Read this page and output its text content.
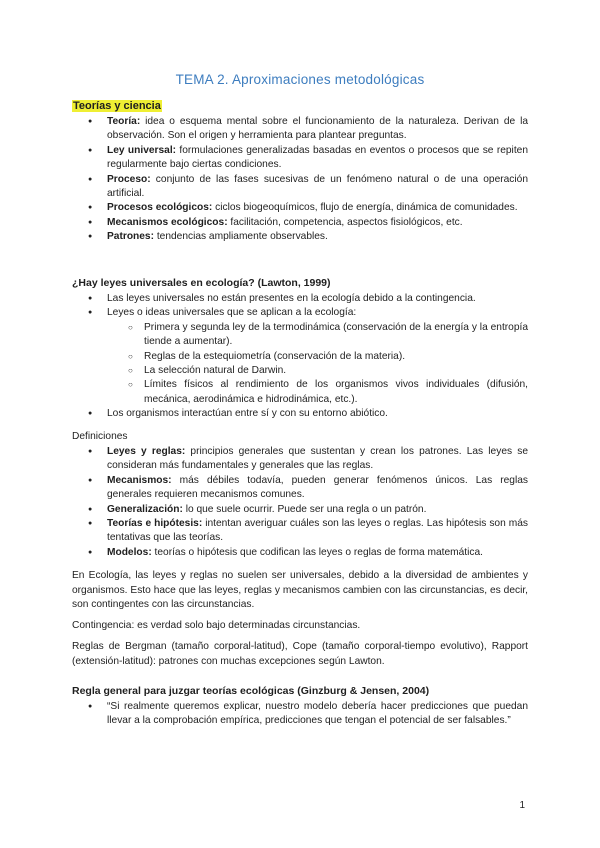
TEMA 2. Aproximaciones metodológicas
Teorías y ciencia
● Teoría: idea o esquema mental sobre el funcionamiento de la naturaleza. Derivan de la observación. Son el origen y herramienta para plantear preguntas.
● Ley universal: formulaciones generalizadas basadas en eventos o procesos que se repiten regularmente bajo ciertas condiciones.
● Proceso: conjunto de las fases sucesivas de un fenómeno natural o de una operación artificial.
● Procesos ecológicos: ciclos biogeoquímicos, flujo de energía, dinámica de comunidades.
● Mecanismos ecológicos: facilitación, competencia, aspectos fisiológicos, etc.
● Patrones: tendencias ampliamente observables.
¿Hay leyes universales en ecología? (Lawton, 1999)
● Las leyes universales no están presentes en la ecología debido a la contingencia.
● Leyes o ideas universales que se aplican a la ecología:
○ Primera y segunda ley de la termodinámica (conservación de la energía y la entropía tiende a aumentar).
○ Reglas de la estequiometría (conservación de la materia).
○ La selección natural de Darwin.
○ Límites físicos al rendimiento de los organismos vivos individuales (difusión, mecánica, aerodinámica e hidrodinámica, etc.).
● Los organismos interactúan entre sí y con su entorno abiótico.
Definiciones
● Leyes y reglas: principios generales que sustentan y crean los patrones. Las leyes se consideran más fundamentales y generales que las reglas.
● Mecanismos: más débiles todavía, pueden generar fenómenos únicos. Las reglas generales requieren mecanismos comunes.
● Generalización: lo que suele ocurrir. Puede ser una regla o un patrón.
● Teorías e hipótesis: intentan averiguar cuáles son las leyes o reglas. Las hipótesis son más tentativas que las teorías.
● Modelos: teorías o hipótesis que codifican las leyes o reglas de forma matemática.
En Ecología, las leyes y reglas no suelen ser universales, debido a la diversidad de ambientes y organismos. Esto hace que las leyes, reglas y mecanismos cambien con las circunstancias, es decir, son contingentes con las circunstancias.
Contingencia: es verdad solo bajo determinadas circunstancias.
Reglas de Bergman (tamaño corporal-latitud), Cope (tamaño corporal-tiempo evolutivo), Rapport (extensión-latitud): patrones con muchas excepciones según Lawton.
Regla general para juzgar teorías ecológicas (Ginzburg & Jensen, 2004)
● “Si realmente queremos explicar, nuestro modelo debería hacer predicciones que puedan llevar a la comprobación empírica, predicciones que tengan el potencial de ser falsables.”
1
